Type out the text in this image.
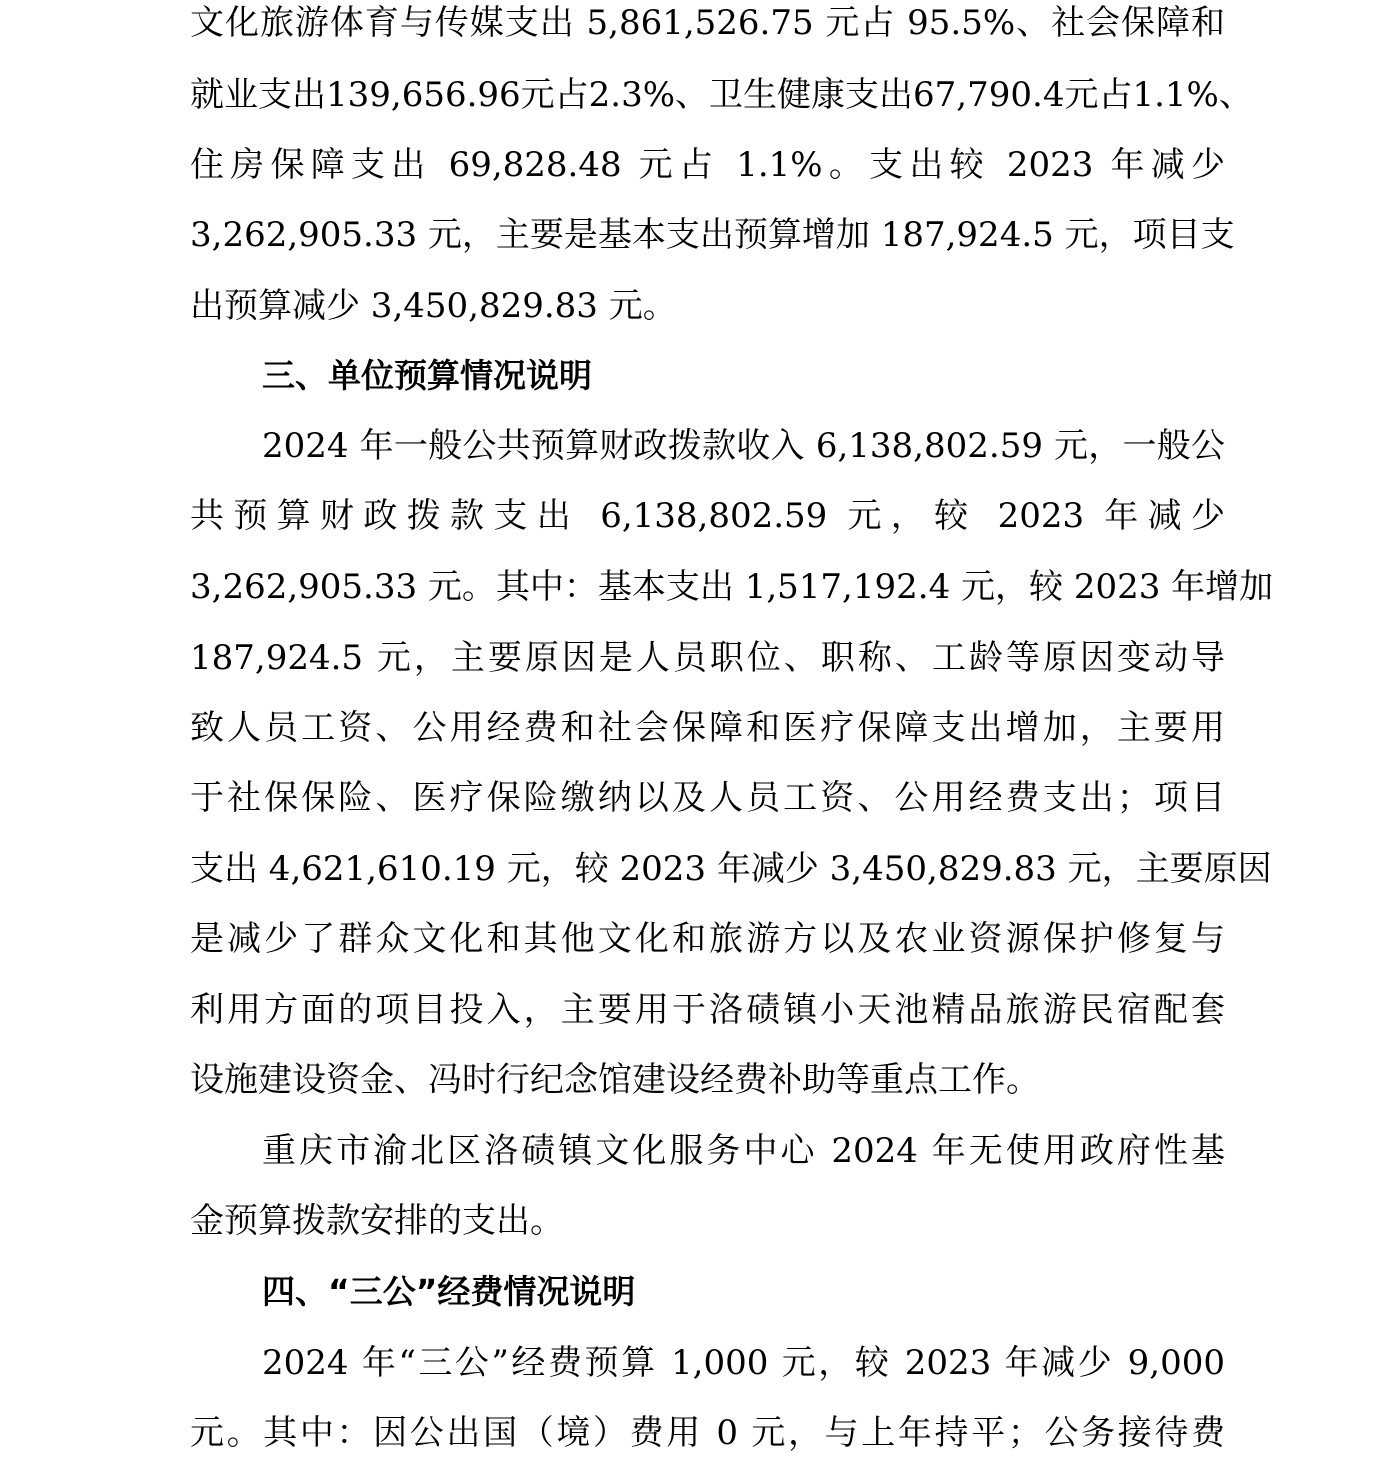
文化旅游体育与传媒支出 5,861,526.75 元占 95.5%、社会保障和
就业支出139,656.96元占2.3%、卫生健康支出67,790.4元占1.1%、
住房保障支出 69,828.48 元占 1.1%。支出较 2023 年减少
3,262,905.33 元，主要是基本支出预算增加 187,924.5 元，项目支
出预算减少 3,450,829.83 元。
三、单位预算情况说明
2024 年一般公共预算财政拨款收入 6,138,802.59 元，一般公
共预算财政拨款支出 6,138,802.59 元，较 2023 年减少
3,262,905.33 元。其中：基本支出 1,517,192.4 元，较 2023 年增加
187,924.5 元，主要原因是人员职位、职称、工龄等原因变动导
致人员工资、公用经费和社会保障和医疗保障支出增加，主要用
于社保保险、医疗保险缴纳以及人员工资、公用经费支出；项目
支出 4,621,610.19 元，较 2023 年减少 3,450,829.83 元，主要原因
是减少了群众文化和其他文化和旅游方以及农业资源保护修复与
利用方面的项目投入，主要用于洛碛镇小天池精品旅游民宿配套
设施建设资金、冯时行纪念馆建设经费补助等重点工作。
重庆市渝北区洛碛镇文化服务中心 2024 年无使用政府性基
金预算拨款安排的支出。
四、“三公”经费情况说明
2024 年“三公”经费预算 1,000 元，较 2023 年减少 9,000
元。其中：因公出国（境）费用 0 元，与上年持平；公务接待费
